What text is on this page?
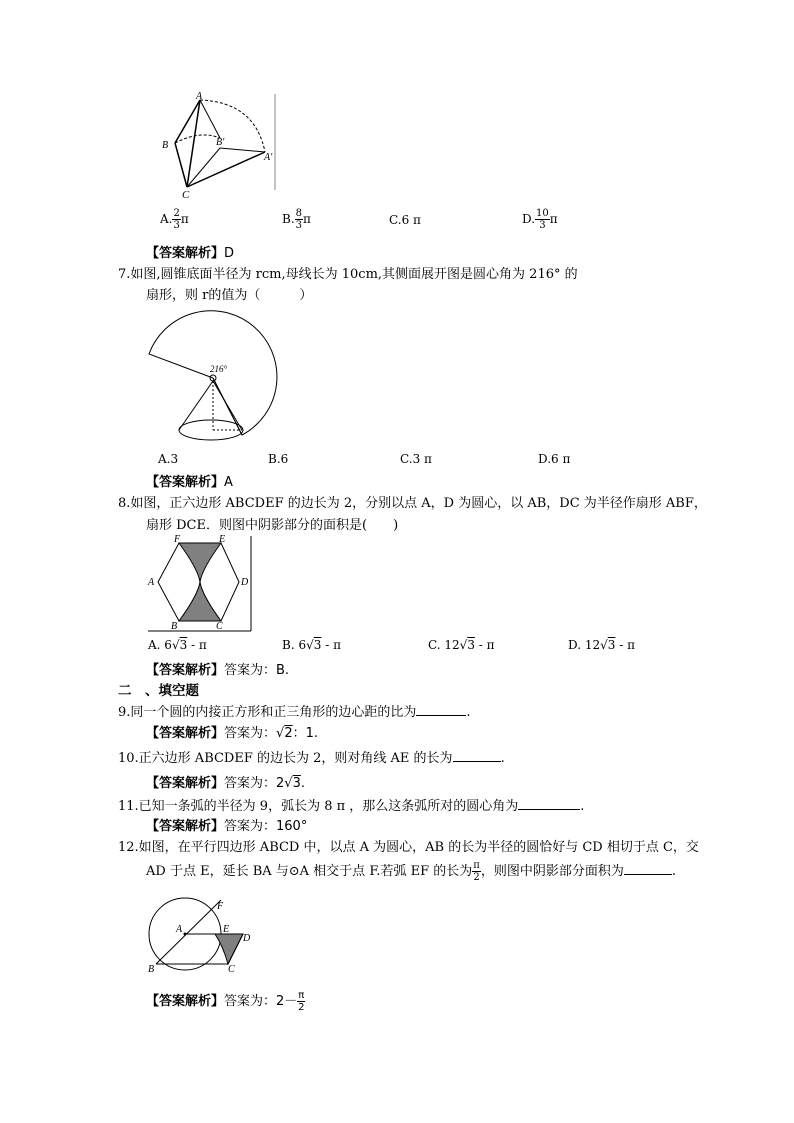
A
B	B'
A'
C
A. $\frac{2}{3}$ π	B. $\frac{8}{3}$ π	C.6 π	D. $\frac{10}{3}$ π
【答案解析】D
7.如图,圆锥底面半径为 rcm,母线长为 10cm,其侧面展开图是圆心角为 216° 的
扇形，则 r的值为（　　　）
216°
A.3	B.6	C.3 π	D.6 π
【答案解析】A
8.如图，正六边形 ABCDEF 的边长为 2，分别以点 A，D 为圆心，以 AB，DC 为半径作扇形 ABF，
扇形 DCE．则图中阴影部分的面积是(　　)
F	E
A	D
B	C
A. 6√3 - π	B. 6√3 - π	C. 12√3 - π	D. 12√3 - π
【答案解析】答案为：B.
二　、填空题
9.同一个圆的内接正方形和正三角形的边心距的比为	.
【答案解析】答案为：√2：1.
10.正六边形 ABCDEF 的边长为 2，则对角线 AE 的长为	.
【答案解析】答案为：2√3.
11.已知一条弧的半径为 9，弧长为 8 π ，那么这条弧所对的圆心角为	.
【答案解析】答案为：160°
12.如图，在平行四边形 ABCD 中，以点 A 为圆心，AB 的长为半径的圆恰好与 CD 相切于点 C，交
AD 于点 E，延长 BA 与⊙A 相交于点 F.若弧 EF 的长为 $\frac{\pi}{2}$ ，则图中阴影部分面积为	.
F
A	E
D
B	C
【答案解析】答案为：$2- \frac{\pi}{2}$
